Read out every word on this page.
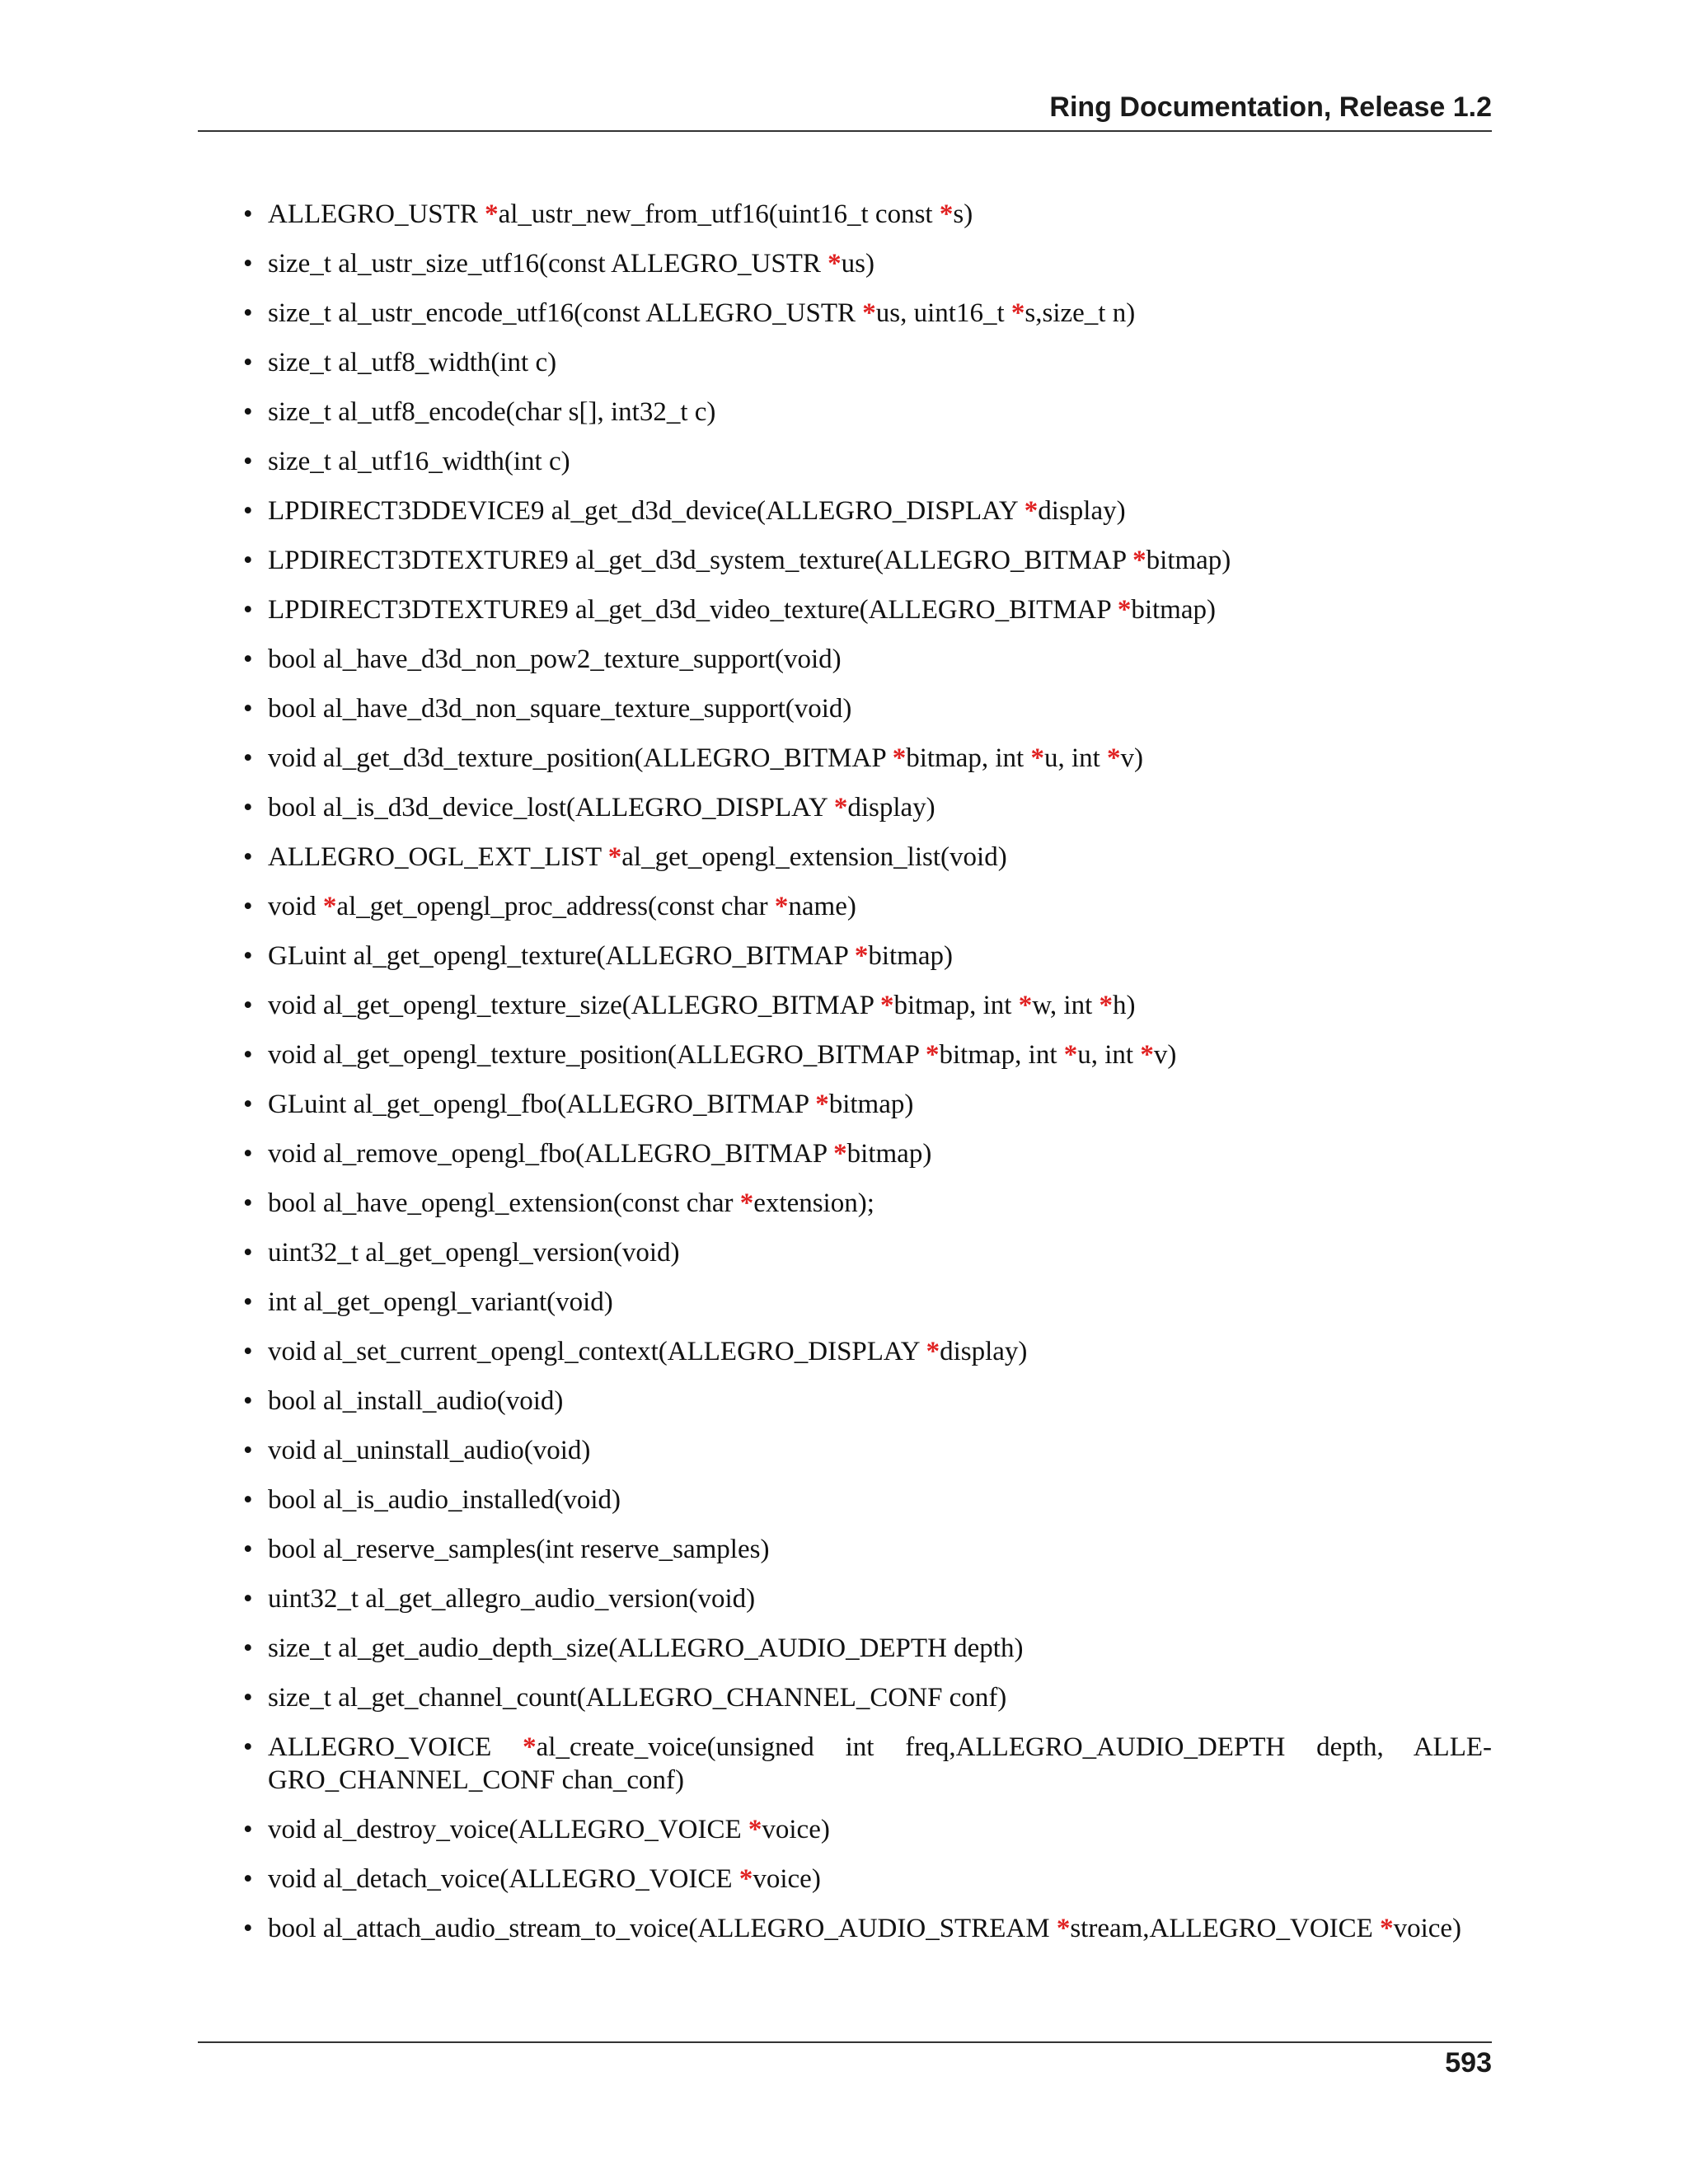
Ring Documentation, Release 1.2
• ALLEGRO_USTR *al_ustr_new_from_utf16(uint16_t const *s)
• size_t al_ustr_size_utf16(const ALLEGRO_USTR *us)
• size_t al_ustr_encode_utf16(const ALLEGRO_USTR *us, uint16_t *s,size_t n)
• size_t al_utf8_width(int c)
• size_t al_utf8_encode(char s[], int32_t c)
• size_t al_utf16_width(int c)
• LPDIRECT3DDEVICE9 al_get_d3d_device(ALLEGRO_DISPLAY *display)
• LPDIRECT3DTEXTURE9 al_get_d3d_system_texture(ALLEGRO_BITMAP *bitmap)
• LPDIRECT3DTEXTURE9 al_get_d3d_video_texture(ALLEGRO_BITMAP *bitmap)
• bool al_have_d3d_non_pow2_texture_support(void)
• bool al_have_d3d_non_square_texture_support(void)
• void al_get_d3d_texture_position(ALLEGRO_BITMAP *bitmap, int *u, int *v)
• bool al_is_d3d_device_lost(ALLEGRO_DISPLAY *display)
• ALLEGRO_OGL_EXT_LIST *al_get_opengl_extension_list(void)
• void *al_get_opengl_proc_address(const char *name)
• GLuint al_get_opengl_texture(ALLEGRO_BITMAP *bitmap)
• void al_get_opengl_texture_size(ALLEGRO_BITMAP *bitmap, int *w, int *h)
• void al_get_opengl_texture_position(ALLEGRO_BITMAP *bitmap, int *u, int *v)
• GLuint al_get_opengl_fbo(ALLEGRO_BITMAP *bitmap)
• void al_remove_opengl_fbo(ALLEGRO_BITMAP *bitmap)
• bool al_have_opengl_extension(const char *extension);
• uint32_t al_get_opengl_version(void)
• int al_get_opengl_variant(void)
• void al_set_current_opengl_context(ALLEGRO_DISPLAY *display)
• bool al_install_audio(void)
• void al_uninstall_audio(void)
• bool al_is_audio_installed(void)
• bool al_reserve_samples(int reserve_samples)
• uint32_t al_get_allegro_audio_version(void)
• size_t al_get_audio_depth_size(ALLEGRO_AUDIO_DEPTH depth)
• size_t al_get_channel_count(ALLEGRO_CHANNEL_CONF conf)
• ALLEGRO_VOICE *al_create_voice(unsigned int freq,ALLEGRO_AUDIO_DEPTH depth, ALLE-GRO_CHANNEL_CONF chan_conf)
• void al_destroy_voice(ALLEGRO_VOICE *voice)
• void al_detach_voice(ALLEGRO_VOICE *voice)
• bool al_attach_audio_stream_to_voice(ALLEGRO_AUDIO_STREAM *stream,ALLEGRO_VOICE *voice)
593
